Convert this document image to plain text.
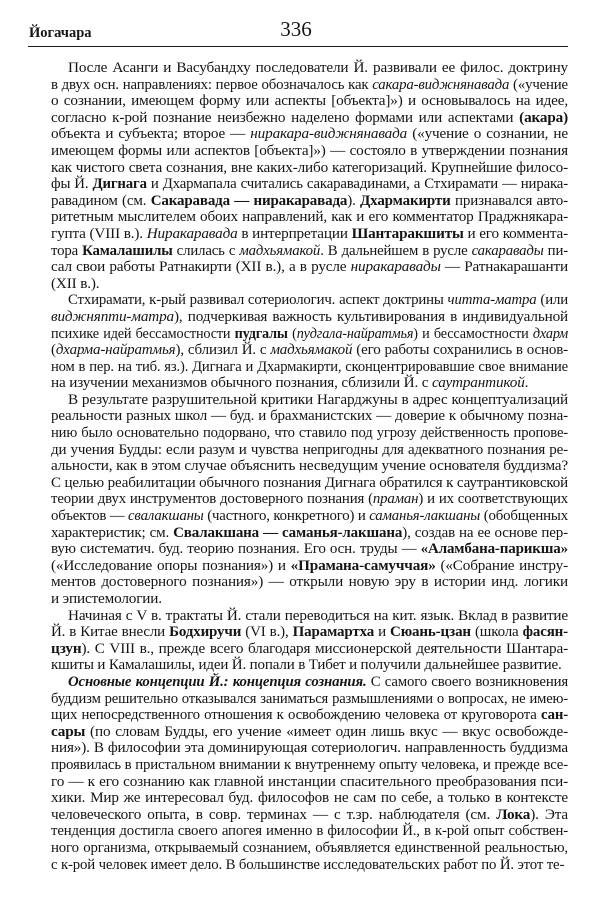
Йогачара	336
После Асанги и Васубандху последователи Й. развивали ее филос. доктрину
в двух осн. направлениях: первое обозначалось как сакара-виджнянавада («учение
о сознании, имеющем форму или аспекты [объекта]») и основывалось на идее,
согласно к-рой познание неизбежно наделено формами или аспектами (акара)
объекта и субъекта; второе — ниракара-виджнянавада («учение о сознании, не
имеющем формы или аспектов [объекта]») — состояло в утверждении познания
как чистого света сознания, вне каких-либо категоризаций. Крупнейшие филосо-
фы Й. Дигнага и Дхармапала считались сакаравадинами, а Стхирамати — нирака-
равадином (см. Сакаравада — ниракаравада). Дхармакирти признавался авто-
ритетным мыслителем обоих направлений, как и его комментатор Праджнякара-
гупта (VIII в.). Ниракаравада в интерпретации Шантаракшиты и его коммента-
тора Камалашилы слилась с мадхьямакой. В дальнейшем в русле сакаравады пи-
сал свои работы Ратнакирти (XII в.), а в русле ниракаравады — Ратнакарашанти
(XII в.).
Стхирамати, к-рый развивал сотериологич. аспект доктрины читта-матра (или
виджняпти-матра), подчеркивая важность культивирования в индивидуальной
психике идей бессамостности пудгалы (пудгала-найратмья) и бессамостности дхарм
(дхарма-найратмья), сблизил Й. с мадхьямакой (его работы сохранились в основ-
ном в пер. на тиб. яз.). Дигнага и Дхармакирти, сконцентрировавшие свое внимание
на изучении механизмов обычного познания, сблизили Й. с саутрантикой.
В результате разрушительной критики Нагарджуны в адрес концептуализаций
реальности разных школ — буд. и брахманистских — доверие к обычному позна-
нию было основательно подорвано, что ставило под угрозу действенность пропове-
ди учения Будды: если разум и чувства непригодны для адекватного познания ре-
альности, как в этом случае объяснить несведущим учение основателя буддизма?
С целью реабилитации обычного познания Дигнага обратился к саутрантиковской
теории двух инструментов достоверного познания (праман) и их соответствующих
объектов — свалакшаны (частного, конкретного) и саманья-лакшаны (обобщенных
характеристик; см. Свалакшана — саманья-лакшана), создав на ее основе пер-
вую систематич. буд. теорию познания. Его осн. труды — «Аламбана-парикша»
(«Исследование опоры познания») и «Прамана-самуччая» («Собрание инстру-
ментов достоверного познания») — открыли новую эру в истории инд. логики
и эпистемологии.
Начиная с V в. трактаты Й. стали переводиться на кит. язык. Вклад в развитие
Й. в Китае внесли Бодхиручи (VI в.), Парамартха и Сюань-цзан (школа фасян-
цзун). С VIII в., прежде всего благодаря миссионерской деятельности Шантара-
кшиты и Камалашилы, идеи Й. попали в Тибет и получили дальнейшее развитие.
Основные концепции Й.: концепция сознания. С самого своего возникновения
буддизм решительно отказывался заниматься размышлениями о вопросах, не имею-
щих непосредственного отношения к освобождению человека от круговорота сан-
сары (по словам Будды, его учение «имеет один лишь вкус — вкус освобожде-
ния»). В философии эта доминирующая сотериологич. направленность буддизма
проявилась в пристальном внимании к внутреннему опыту человека, и прежде все-
го — к его сознанию как главной инстанции спасительного преобразования пси-
хики. Мир же интересовал буд. философов не сам по себе, а только в контексте
человеческого опыта, в совр. терминах — с т.зр. наблюдателя (см. Лока). Эта
тенденция достигла своего апогея именно в философии Й., в к-рой опыт собствен-
ного организма, открываемый сознанием, объявляется единственной реальностью,
с к-рой человек имеет дело. В большинстве исследовательских работ по Й. этот те-
